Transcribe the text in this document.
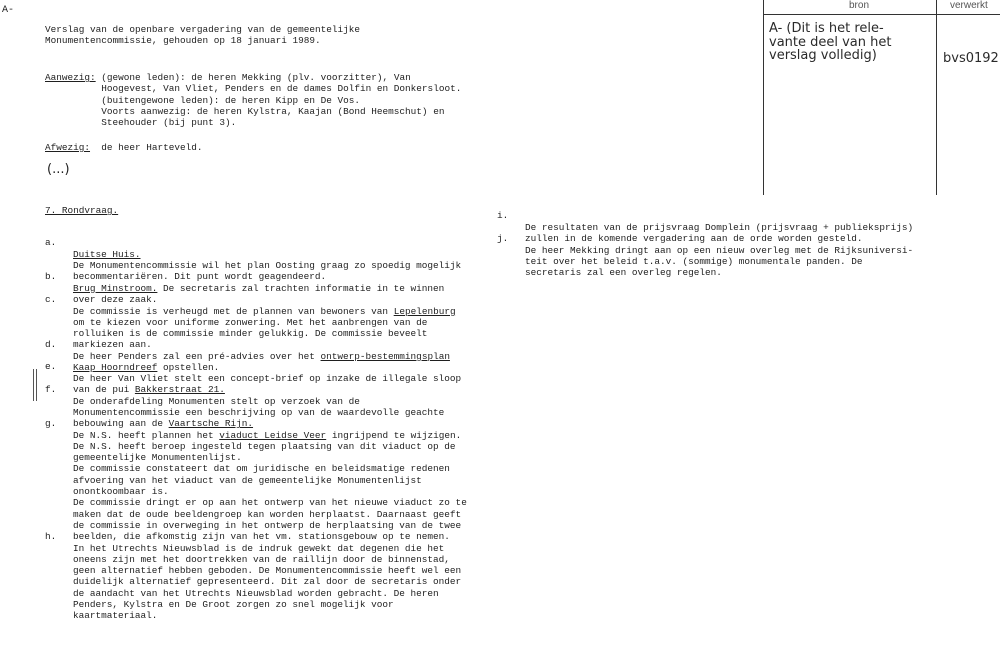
A-	bron	verwerkt
A- (Dit is het rele-
vante deel van het
verslag volledig)	bvs0192
Verslag van de openbare vergadering van de gemeentelijke
Monumentencommissie, gehouden op 18 januari 1989.
Aanwezig: (gewone leden): de heren Mekking (plv. voorzitter), Van
Hoogevest, Van Vliet, Penders en de dames Dolfin en Donkersloot.
(buitengewone leden): de heren Kipp en De Vos.
Voorts aanwezig: de heren Kylstra, Kaajan (Bond Heemschut) en
Steehouder (bij punt 3).
Afwezig:  de heer Harteveld.
(...)
7. Rondvraag.

a.

Duitse Huis.
De Monumentencommissie wil het plan Oosting graag zo spoedig mogelijk
becommentariëren. Dit punt wordt geagendeerd.

b.

Brug Minstroom. De secretaris zal trachten informatie in te winnen
over deze zaak.

c.

De commissie is verheugd met de plannen van bewoners van Lepelenburg
om te kiezen voor uniforme zonwering. Met het aanbrengen van de
rolluiken is de commissie minder gelukkig. De commissie beveelt
markiezen aan.

d.

De heer Penders zal een pré-advies over het ontwerp-bestemmingsplan
Kaap Hoorndreef opstellen.

e.

De heer Van Vliet stelt een concept-brief op inzake de illegale sloop
van de pui Bakkerstraat 21.

f.

De onderafdeling Monumenten stelt op verzoek van de
Monumentencommissie een beschrijving op van de waardevolle geachte
bebouwing aan de Vaartsche Rijn.

g.

De N.S. heeft plannen het viaduct Leidse Veer ingrijpend te wijzigen.
De N.S. heeft beroep ingesteld tegen plaatsing van dit viaduct op de
gemeentelijke Monumentenlijst.
De commissie constateert dat om juridische en beleidsmatige redenen
afvoering van het viaduct van de gemeentelijke Monumentenlijst
onontkoombaar is.
De commissie dringt er op aan het ontwerp van het nieuwe viaduct zo te
maken dat de oude beeldengroep kan worden herplaatst. Daarnaast geeft
de commissie in overweging in het ontwerp de herplaatsing van de twee
beelden, die afkomstig zijn van het vm. stationsgebouw op te nemen.

h.

In het Utrechts Nieuwsblad is de indruk gewekt dat degenen die het
oneens zijn met het doortrekken van de raillijn door de binnenstad,
geen alternatief hebben geboden. De Monumentencommissie heeft wel een
duidelijk alternatief gepresenteerd. Dit zal door de secretaris onder
de aandacht van het Utrechts Nieuwsblad worden gebracht. De heren
Penders, Kylstra en De Groot zorgen zo snel mogelijk voor
kaartmateriaal.

i.

De resultaten van de prijsvraag Domplein (prijsvraag + publieksprijs)
zullen in de komende vergadering aan de orde worden gesteld.

j.

De heer Mekking dringt aan op een nieuw overleg met de Rijksuniversi-
teit over het beleid t.a.v. (sommige) monumentale panden. De
secretaris zal een overleg regelen.
